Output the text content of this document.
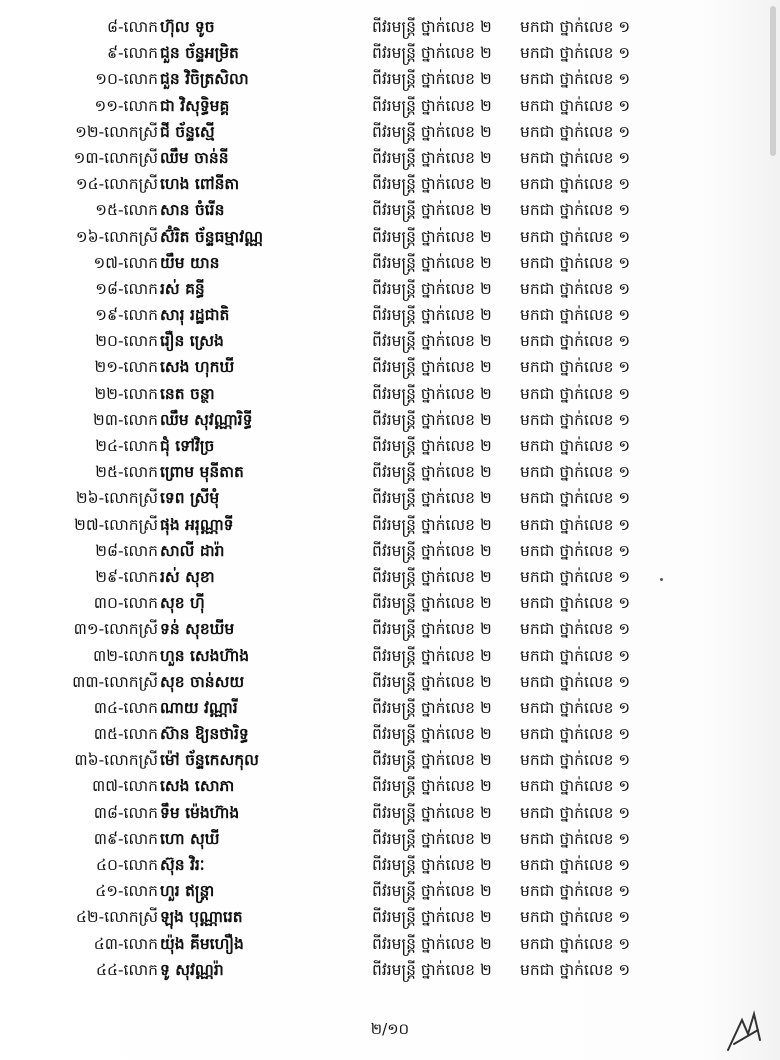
៨-លោក ហ៊ុល ទូច	ពីវរមន្ត្រី ថ្នាក់លេខ ២ មកជា ថ្នាក់លេខ ១
៩-លោក ជួន ច័ន្ទអម្រិត	ពីវរមន្ត្រី ថ្នាក់លេខ ២ មកជា ថ្នាក់លេខ ១
១០-លោក ជួន វិចិត្រសិលា	ពីវរមន្ត្រី ថ្នាក់លេខ ២ មកជា ថ្នាក់លេខ ១
១១-លោក ជា វិសុទ្ធិមគ្គ	ពីវរមន្ត្រី ថ្នាក់លេខ ២ មកជា ថ្នាក់លេខ ១
១២-លោកស្រី ជី ច័ន្ទស្មើ	ពីវរមន្ត្រី ថ្នាក់លេខ ២ មកជា ថ្នាក់លេខ ១
១៣-លោកស្រី ឈឹម ចាន់នី	ពីវរមន្ត្រី ថ្នាក់លេខ ២ មកជា ថ្នាក់លេខ ១
១៤-លោកស្រី ហេង ពៅនីតា	ពីវរមន្ត្រី ថ្នាក់លេខ ២ មកជា ថ្នាក់លេខ ១
១៥-លោក សាន ចំរើន	ពីវរមន្ត្រី ថ្នាក់លេខ ២ មកជា ថ្នាក់លេខ ១
១៦-លោកស្រី ស៊ំរិត ច័ន្ទធម្មាវណ្ណ	ពីវរមន្ត្រី ថ្នាក់លេខ ២ មកជា ថ្នាក់លេខ ១
១៧-លោក យឹម យាន	ពីវរមន្ត្រី ថ្នាក់លេខ ២ មកជា ថ្នាក់លេខ ១
១៨-លោក រស់ គន្ធី	ពីវរមន្ត្រី ថ្នាក់លេខ ២ មកជា ថ្នាក់លេខ ១
១៩-លោក សារុ រដ្ឋជាតិ	ពីវរមន្ត្រី ថ្នាក់លេខ ២ មកជា ថ្នាក់លេខ ១
២០-លោក រឿន ស្រេង	ពីវរមន្ត្រី ថ្នាក់លេខ ២ មកជា ថ្នាក់លេខ ១
២១-លោក សេង ហុកឃី	ពីវរមន្ត្រី ថ្នាក់លេខ ២ មកជា ថ្នាក់លេខ ១
២២-លោក នេត ចន្ថា	ពីវរមន្ត្រី ថ្នាក់លេខ ២ មកជា ថ្នាក់លេខ ១
២៣-លោក ឈឹម សុវណ្ណារិទ្ធី	ពីវរមន្ត្រី ថ្នាក់លេខ ២ មកជា ថ្នាក់លេខ ១
២៤-លោក ជុំ ទៅវិច្រ	ពីវរមន្ត្រី ថ្នាក់លេខ ២ មកជា ថ្នាក់លេខ ១
២៥-លោក ព្រោម មុនីតាត	ពីវរមន្ត្រី ថ្នាក់លេខ ២ មកជា ថ្នាក់លេខ ១
២៦-លោកស្រី ទេព ស្រីមុំ	ពីវរមន្ត្រី ថ្នាក់លេខ ២ មកជា ថ្នាក់លេខ ១
២៧-លោកស្រី ផុង អរុណ្ណាទី	ពីវរមន្ត្រី ថ្នាក់លេខ ២ មកជា ថ្នាក់លេខ ១
២៨-លោក សាលី ដារ៉ា	ពីវរមន្ត្រី ថ្នាក់លេខ ២ មកជា ថ្នាក់លេខ ១
២៩-លោក រស់ សុខា	ពីវរមន្ត្រី ថ្នាក់លេខ ២ មកជា ថ្នាក់លេខ ១
៣០-លោក សុខ ហ៊ី	ពីវរមន្ត្រី ថ្នាក់លេខ ២ មកជា ថ្នាក់លេខ ១
៣១-លោកស្រី ទន់ សុខឃីម	ពីវរមន្ត្រី ថ្នាក់លេខ ២ មកជា ថ្នាក់លេខ ១
៣២-លោក ហួន សេងហ៊ាង	ពីវរមន្ត្រី ថ្នាក់លេខ ២ មកជា ថ្នាក់លេខ ១
៣៣-លោកស្រី សុខ ចាន់សយ	ពីវរមន្ត្រី ថ្នាក់លេខ ២ មកជា ថ្នាក់លេខ ១
៣៤-លោក ណាយ វណ្ណារី	ពីវរមន្ត្រី ថ្នាក់លេខ ២ មកជា ថ្នាក់លេខ ១
៣៥-លោក ស៊ាន ឱ្យនថារិទ្ធ	ពីវរមន្ត្រី ថ្នាក់លេខ ២ មកជា ថ្នាក់លេខ ១
៣៦-លោកស្រី ម៉ៅ ច័ន្ទកេសកុល	ពីវរមន្ត្រី ថ្នាក់លេខ ២ មកជា ថ្នាក់លេខ ១
៣៧-លោក សេង សោភា	ពីវរមន្ត្រី ថ្នាក់លេខ ២ មកជា ថ្នាក់លេខ ១
៣៨-លោក ទឹម ម៉េងហ៊ាង	ពីវរមន្ត្រី ថ្នាក់លេខ ២ មកជា ថ្នាក់លេខ ១
៣៩-លោក ហោ សុឃី	ពីវរមន្ត្រី ថ្នាក់លេខ ២ មកជា ថ្នាក់លេខ ១
៤០-លោក ស៊ុន វិរៈ	ពីវរមន្ត្រី ថ្នាក់លេខ ២ មកជា ថ្នាក់លេខ ១
៤១-លោក ហួរ ឥន្ត្រា	ពីវរមន្ត្រី ថ្នាក់លេខ ២ មកជា ថ្នាក់លេខ ១
៤២-លោកស្រី ឡុង បុណ្ណារេត	ពីវរមន្ត្រី ថ្នាក់លេខ ២ មកជា ថ្នាក់លេខ ១
៤៣-លោក យ៉ុង គីមហឿង	ពីវរមន្ត្រី ថ្នាក់លេខ ២ មកជា ថ្នាក់លេខ ១
៤៤-លោក ទូ សុវណ្ណរ៉ា	ពីវរមន្ត្រី ថ្នាក់លេខ ២ មកជា ថ្នាក់លេខ ១
២/១០
